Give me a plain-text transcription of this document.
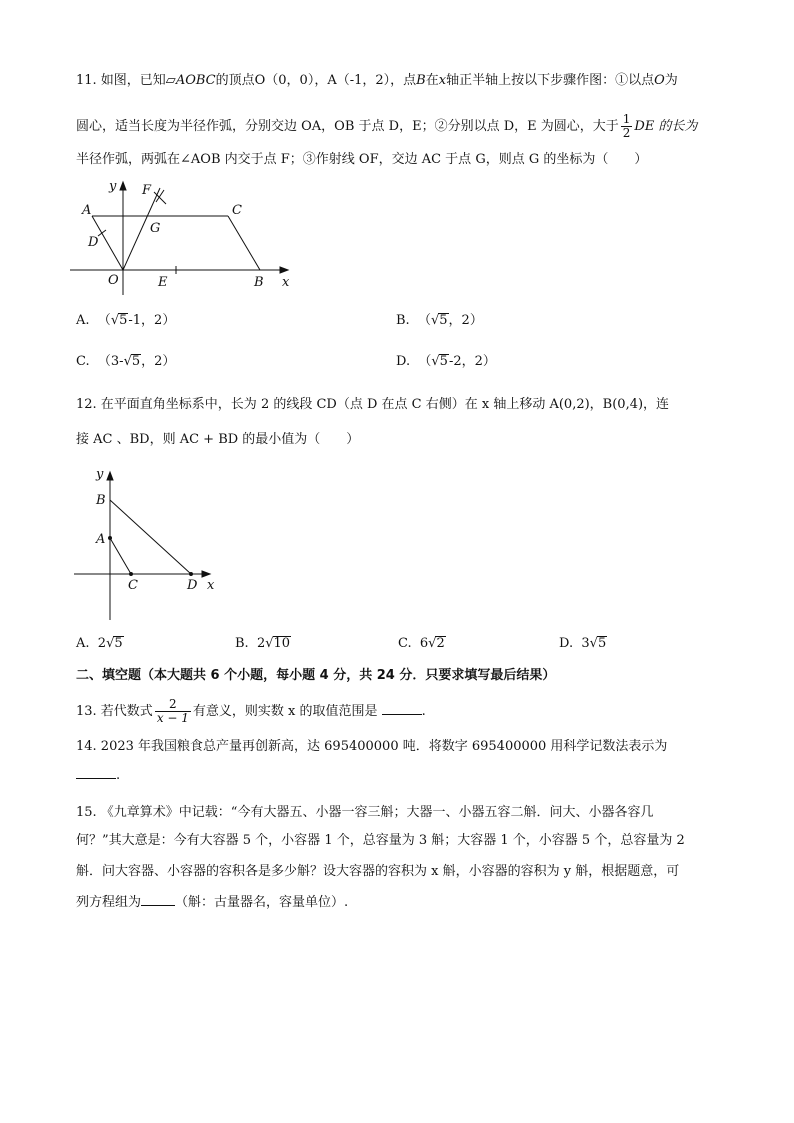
11. 如图，已知▱AOBC的顶点O（0，0），A（-1，2），点B在x轴正半轴上按以下步骤作图：①以点O为
圆心，适当长度为半径作弧，分别交边 OA，OB 于点 D，E；②分别以点 D，E 为圆心，大于 $\frac{1}{2}$ DE 的长为
半径作弧，两弧在∠AOB 内交于点 F；③作射线 OF，交边 AC 于点 G，则点 G 的坐标为（　　）
y
x
A	C
D
F
G
O	E	B
A. （√5-1，2）	B. （√5，2）
C. （3-√5，2）	D. （√5-2，2）
12. 在平面直角坐标系中，长为 2 的线段 CD（点 D 在点 C 右侧）在 x 轴上移动 A(0,2)，B(0,4)，连
接 AC 、BD，则 AC + BD 的最小值为（　　）
y
x
B
A
C	D
A. 2√5	B. 2√10	C. 6√2	D. 3√5
二、填空题（本大题共 6 个小题，每小题 4 分，共 24 分．只要求填写最后结果）
13. 若代数式 $\frac{2}{x - 1}$ 有意义，则实数 x 的取值范围是	.
14. 2023 年我国粮食总产量再创新高，达 695400000 吨．将数字 695400000 用科学记数法表示为
.
15. 《九章算术》中记载：“今有大器五、小器一容三斛；大器一、小器五容二斛．问大、小器各容几
何？”其大意是：今有大容器 5 个，小容器 1 个，总容量为 3 斛；大容器 1 个，小容器 5 个，总容量为 2
斛．问大容器、小容器的容积各是多少斛？设大容器的容积为 x 斛，小容器的容积为 y 斛，根据题意，可
列方程组为	（斛：古量器名，容量单位）.
